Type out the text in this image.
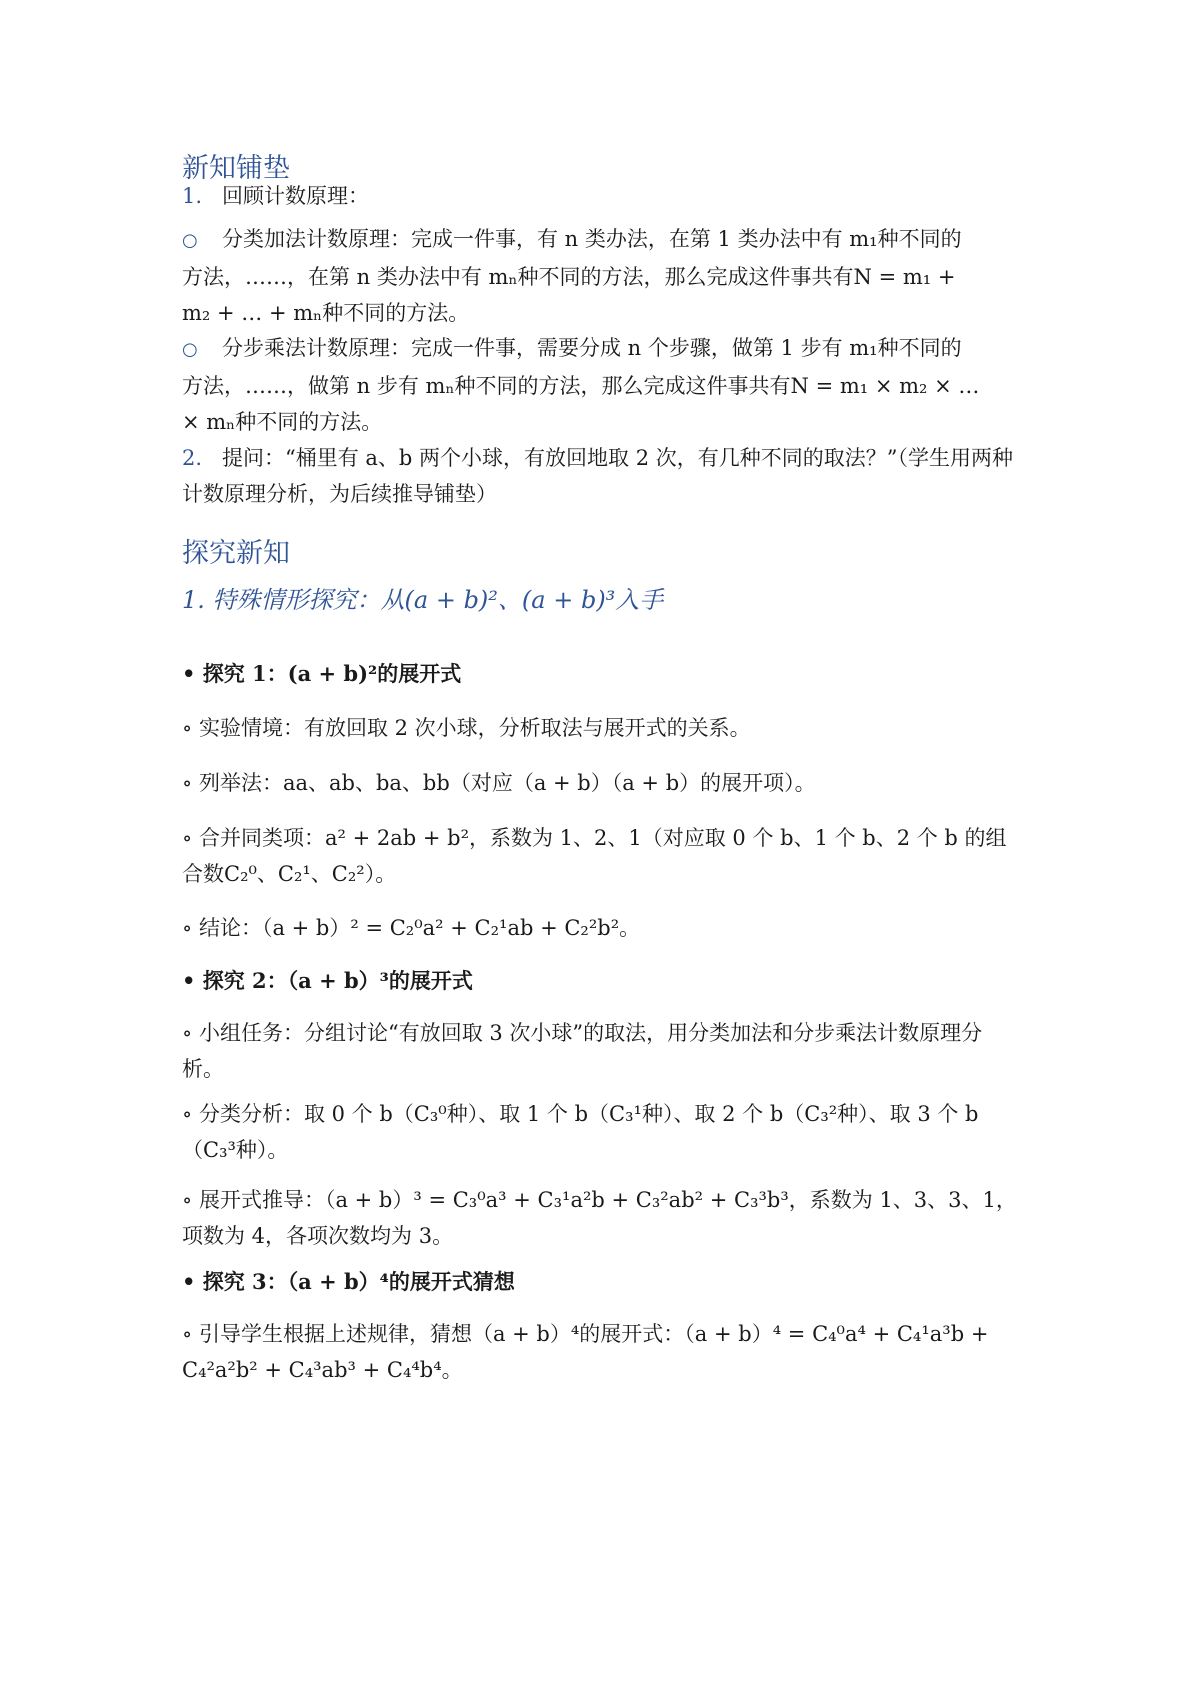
新知铺垫

1. 回顾计数原理：

○ 分类加法计数原理：完成一件事，有 n 类办法，在第 1 类办法中有 m₁种不同的方法，……，在第 n 类办法中有 mₙ种不同的方法，那么完成这件事共有N = m₁ + m₂ + … + mₙ种不同的方法。

○ 分步乘法计数原理：完成一件事，需要分成 n 个步骤，做第 1 步有 m₁种不同的方法，……，做第 n 步有 mₙ种不同的方法，那么完成这件事共有N = m₁ × m₂ × … × mₙ种不同的方法。

2. 提问：“桶里有 a、b 两个小球，有放回地取 2 次，有几种不同的取法？”（学生用两种计数原理分析，为后续推导铺垫）

探究新知

1. 特殊情形探究：从(a + b)²、(a + b)³入手

• 探究 1：(a + b)²的展开式

∘ 实验情境：有放回取 2 次小球，分析取法与展开式的关系。

∘ 列举法：aa、ab、ba、bb（对应（a + b）（a + b）的展开项）。

∘ 合并同类项：a² + 2ab + b²，系数为 1、2、1（对应取 0 个 b、1 个 b、2 个 b 的组合数C₂⁰、C₂¹、C₂²）。

∘ 结论：（a + b）² = C₂⁰a² + C₂¹ab + C₂²b²。

• 探究 2：（a + b）³的展开式

∘ 小组任务：分组讨论“有放回取 3 次小球”的取法，用分类加法和分步乘法计数原理分析。

∘ 分类分析：取 0 个 b（C₃⁰种）、取 1 个 b（C₃¹种）、取 2 个 b（C₃²种）、取 3 个 b（C₃³种）。

∘ 展开式推导：（a + b）³ = C₃⁰a³ + C₃¹a²b + C₃²ab² + C₃³b³，系数为 1、3、3、1，项数为 4，各项次数均为 3。

• 探究 3：（a + b）⁴的展开式猜想

∘ 引导学生根据上述规律，猜想（a + b）⁴的展开式：（a + b）⁴ = C₄⁰a⁴ + C₄¹a³b + C₄²a²b² + C₄³ab³ + C₄⁴b⁴。
